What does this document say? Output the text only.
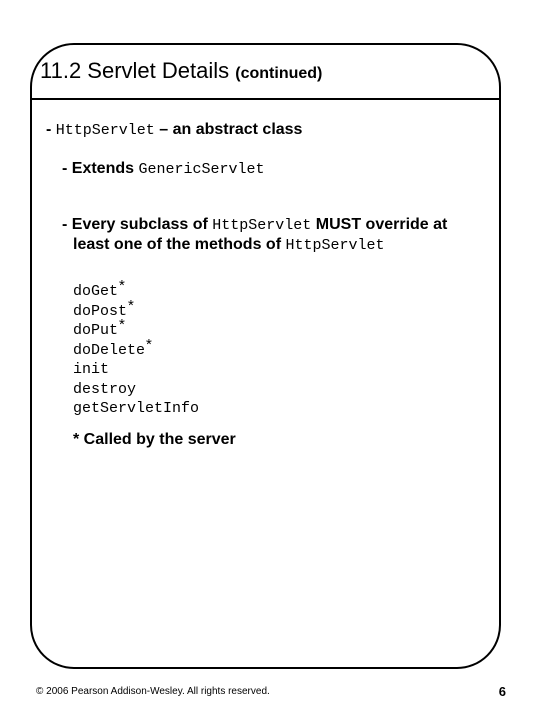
11.2 Servlet Details (continued)
- HttpServlet – an abstract class
- Extends GenericServlet
- Every subclass of HttpServlet MUST override at
least one of the methods of HttpServlet
doGet*
doPost*
doPut*
doDelete*
init
destroy
getServletInfo
* Called by the server
© 2006 Pearson Addison-Wesley. All rights reserved.	6
